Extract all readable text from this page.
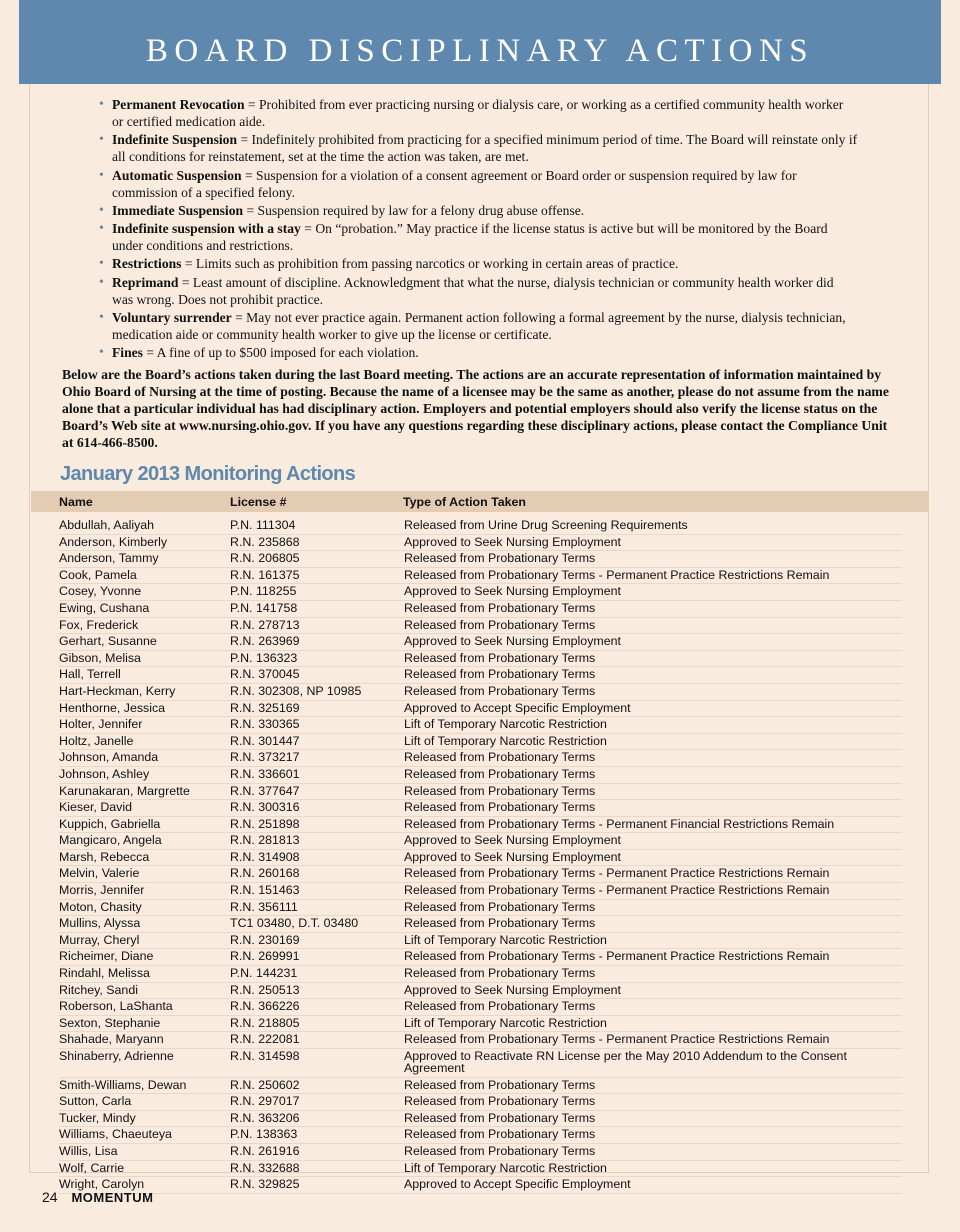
BOARD DISCIPLINARY ACTIONS
• Permanent Revocation = Prohibited from ever practicing nursing or dialysis care, or working as a certified community health worker or certified medication aide.
• Indefinite Suspension = Indefinitely prohibited from practicing for a specified minimum period of time. The Board will reinstate only if all conditions for reinstatement, set at the time the action was taken, are met.
• Automatic Suspension = Suspension for a violation of a consent agreement or Board order or suspension required by law for commission of a specified felony.
• Immediate Suspension = Suspension required by law for a felony drug abuse offense.
• Indefinite suspension with a stay = On “probation.” May practice if the license status is active but will be monitored by the Board under conditions and restrictions.
• Restrictions = Limits such as prohibition from passing narcotics or working in certain areas of practice.
• Reprimand = Least amount of discipline. Acknowledgment that what the nurse, dialysis technician or community health worker did was wrong. Does not prohibit practice.
• Voluntary surrender = May not ever practice again. Permanent action following a formal agreement by the nurse, dialysis technician, medication aide or community health worker to give up the license or certificate.
• Fines = A fine of up to $500 imposed for each violation.

Below are the Board’s actions taken during the last Board meeting. The actions are an accurate representation of information maintained by Ohio Board of Nursing at the time of posting. Because the name of a licensee may be the same as another, please do not assume from the name alone that a particular individual has had disciplinary action. Employers and potential employers should also verify the license status on the Board’s Web site at www.nursing.ohio.gov. If you have any questions regarding these disciplinary actions, please contact the Compliance Unit at 614-466-8500.

January 2013 Monitoring Actions
Name	License #	Type of Action Taken
Abdullah, Aaliyah	P.N. 111304	Released from Urine Drug Screening Requirements
Anderson, Kimberly	R.N. 235868	Approved to Seek Nursing Employment
Anderson, Tammy	R.N. 206805	Released from Probationary Terms
Cook, Pamela	R.N. 161375	Released from Probationary Terms - Permanent Practice Restrictions Remain
Cosey, Yvonne	P.N. 118255	Approved to Seek Nursing Employment
Ewing, Cushana	P.N. 141758	Released from Probationary Terms
Fox, Frederick	R.N. 278713	Released from Probationary Terms
Gerhart, Susanne	R.N. 263969	Approved to Seek Nursing Employment
Gibson, Melisa	P.N. 136323	Released from Probationary Terms
Hall, Terrell	R.N. 370045	Released from Probationary Terms
Hart-Heckman, Kerry	R.N. 302308, NP 10985	Released from Probationary Terms
Henthorne, Jessica	R.N. 325169	Approved to Accept Specific Employment
Holter, Jennifer	R.N. 330365	Lift of Temporary Narcotic Restriction
Holtz, Janelle	R.N. 301447	Lift of Temporary Narcotic Restriction
Johnson, Amanda	R.N. 373217	Released from Probationary Terms
Johnson, Ashley	R.N. 336601	Released from Probationary Terms
Karunakaran, Margrette	R.N. 377647	Released from Probationary Terms
Kieser, David	R.N. 300316	Released from Probationary Terms
Kuppich, Gabriella	R.N. 251898	Released from Probationary Terms - Permanent Financial Restrictions Remain
Mangicaro, Angela	R.N. 281813	Approved to Seek Nursing Employment
Marsh, Rebecca	R.N. 314908	Approved to Seek Nursing Employment
Melvin, Valerie	R.N. 260168	Released from Probationary Terms - Permanent Practice Restrictions Remain
Morris, Jennifer	R.N. 151463	Released from Probationary Terms - Permanent Practice Restrictions Remain
Moton, Chasity	R.N. 356111	Released from Probationary Terms
Mullins, Alyssa	TC1 03480, D.T. 03480	Released from Probationary Terms
Murray, Cheryl	R.N. 230169	Lift of Temporary Narcotic Restriction
Richeimer, Diane	R.N. 269991	Released from Probationary Terms - Permanent Practice Restrictions Remain
Rindahl, Melissa	P.N. 144231	Released from Probationary Terms
Ritchey, Sandi	R.N. 250513	Approved to Seek Nursing Employment
Roberson, LaShanta	R.N. 366226	Released from Probationary Terms
Sexton, Stephanie	R.N. 218805	Lift of Temporary Narcotic Restriction
Shahade, Maryann	R.N. 222081	Released from Probationary Terms - Permanent Practice Restrictions Remain
Shinaberry, Adrienne	R.N. 314598	Approved to Reactivate RN License per the May 2010 Addendum to the Consent Agreement
Smith-Williams, Dewan	R.N. 250602	Released from Probationary Terms
Sutton, Carla	R.N. 297017	Released from Probationary Terms
Tucker, Mindy	R.N. 363206	Released from Probationary Terms
Williams, Chaeuteya	P.N. 138363	Released from Probationary Terms
Willis, Lisa	R.N. 261916	Released from Probationary Terms
Wolf, Carrie	R.N. 332688	Lift of Temporary Narcotic Restriction
Wright, Carolyn	R.N. 329825	Approved to Accept Specific Employment
24 MOMENTUM
